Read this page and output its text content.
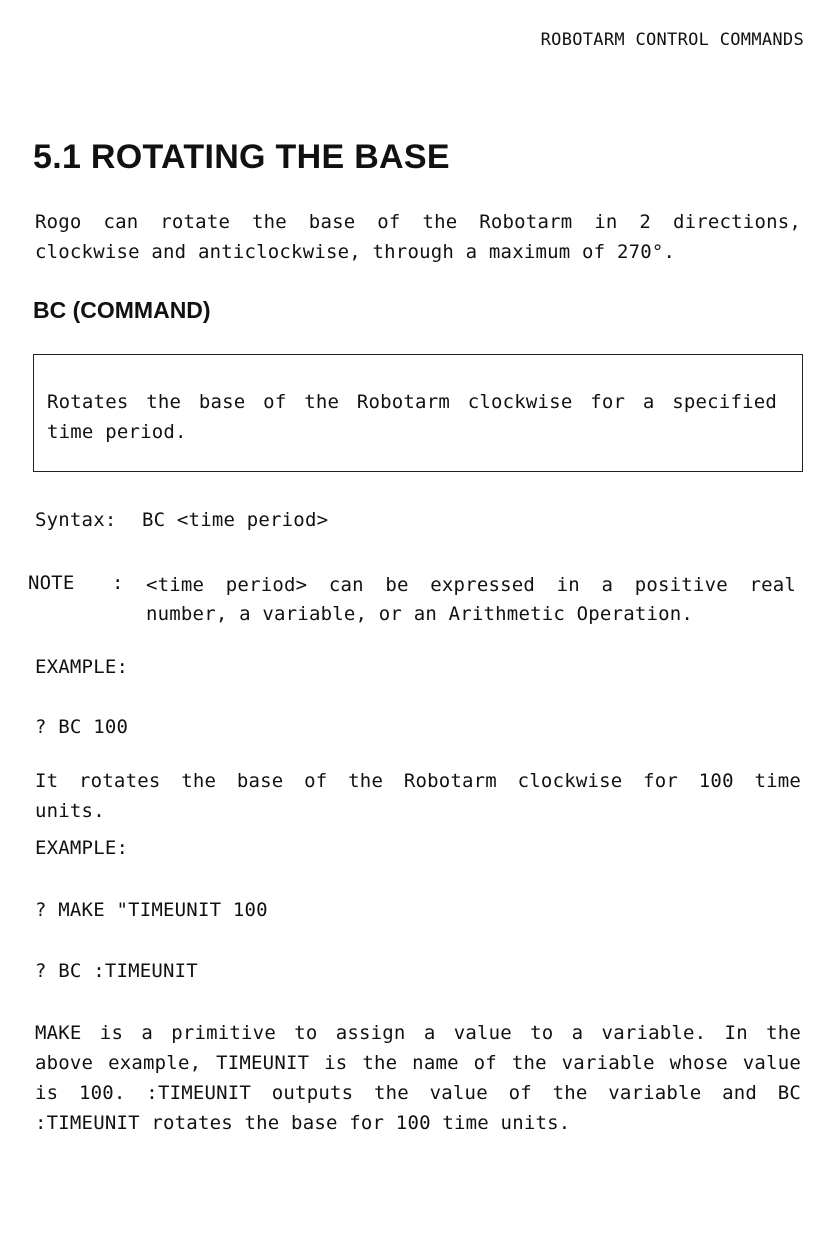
ROBOTARM CONTROL COMMANDS
5.1 ROTATING THE BASE

Rogo can rotate the base of the Robotarm in 2 directions,

clockwise and anticlockwise, through a maximum of 270°.

BC (COMMAND)

Rotates the base of the Robotarm clockwise for a specified

time period.

Syntax: BC <time period>

NOTE : <time period> can be expressed in a positive real

number, a variable, or an Arithmetic Operation.

EXAMPLE:

? BC 100

It rotates the base of the Robotarm clockwise for 100 time

units.

EXAMPLE:

? MAKE "TIMEUNIT 100

? BC :TIMEUNIT

MAKE is a primitive to assign a value to a variable. In the

above example, TIMEUNIT is the name of the variable whose value

is 100. :TIMEUNIT outputs the value of the variable and BC

:TIMEUNIT rotates the base for 100 time units.
